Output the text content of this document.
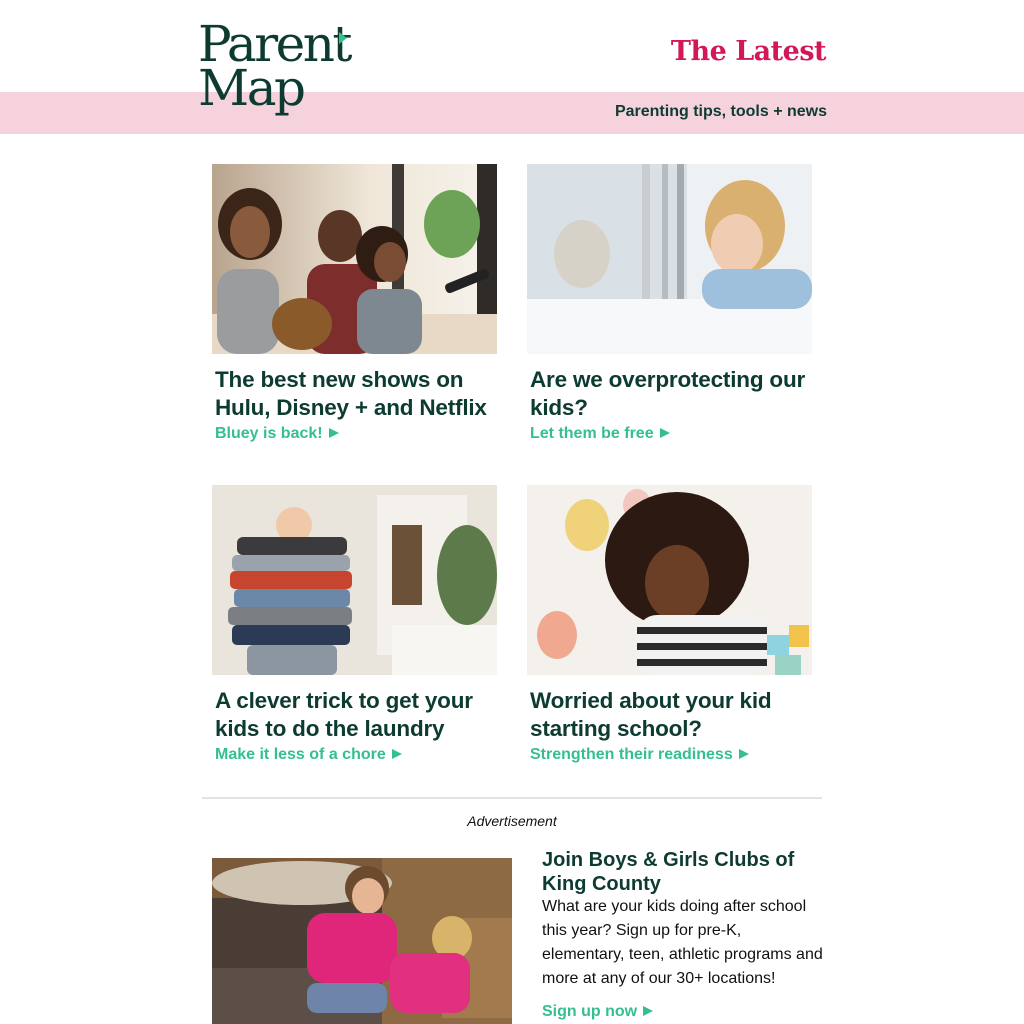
Parent
Map
The Latest
Parenting tips, tools + news
The best new shows on Hulu, Disney + and Netflix
Bluey is back!
Are we overprotecting our kids?
Let them be free
A clever trick to get your kids to do the laundry
Make it less of a chore
Worried about your kid starting school?
Strengthen their readiness
Advertisement
Join Boys & Girls Clubs of King County
What are your kids doing after school this year? Sign up for pre-K, elementary, teen, athletic programs and more at any of our 30+ locations!
Sign up now
